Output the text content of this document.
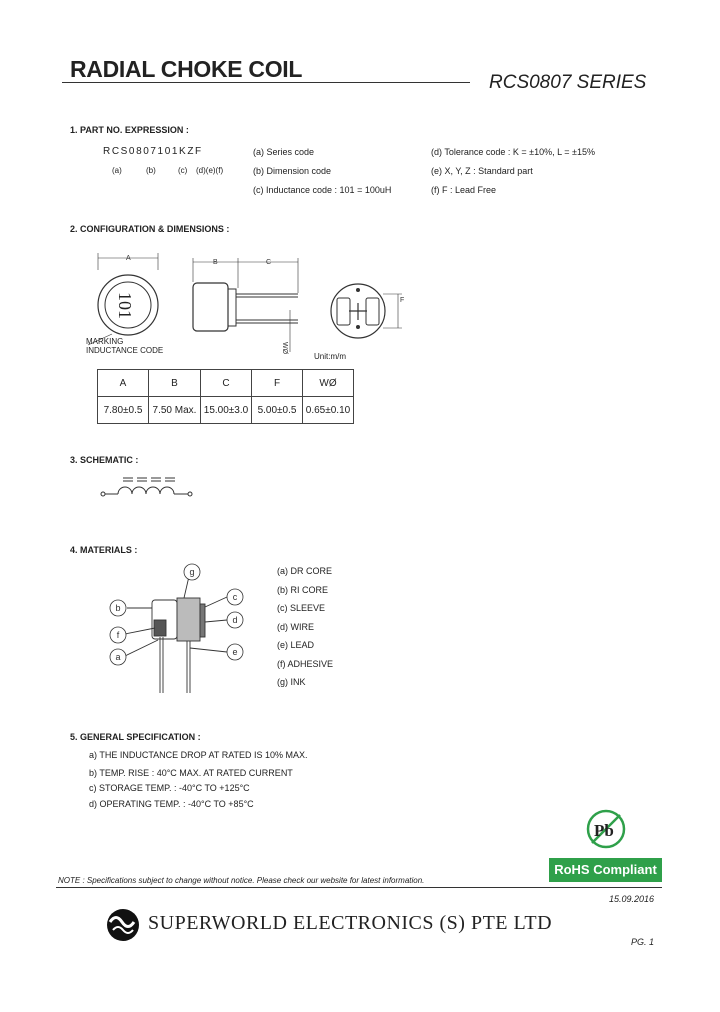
RADIAL CHOKE COIL
RCS0807 SERIES
1. PART NO. EXPRESSION :
RCS0807101KZF
(a)	(b)	(c) (d)(e)(f)
(a) Series code
(b) Dimension code
(c) Inductance code : 101 = 100uH
(d) Tolerance code : K = ±10%, L = ±15%
(e) X, Y, Z : Standard part
(f) F : Lead Free
2. CONFIGURATION & DIMENSIONS :
A
101
B	C
WØ
F
g
b
c
d
f
a	e
Pb
MARKING
INDUCTANCE CODE
Unit:m/m
A	B	C	F	WØ
7.80±0.5	7.50 Max.	15.00±3.0	5.00±0.5	0.65±0.10
3. SCHEMATIC :
4. MATERIALS :
(a) DR CORE
(b) RI CORE
(c) SLEEVE
(d) WIRE
(e) LEAD
(f) ADHESIVE
(g) INK
5. GENERAL SPECIFICATION :
a) THE INDUCTANCE DROP AT RATED IS 10% MAX.
b) TEMP. RISE : 40°C MAX. AT RATED CURRENT
c) STORAGE TEMP. : -40°C TO +125°C
d) OPERATING TEMP. : -40°C TO +85°C
RoHS Compliant
NOTE : Specifications subject to change without notice. Please check our website for latest information.
15.09.2016
SUPERWORLD ELECTRONICS (S) PTE LTD
PG. 1
